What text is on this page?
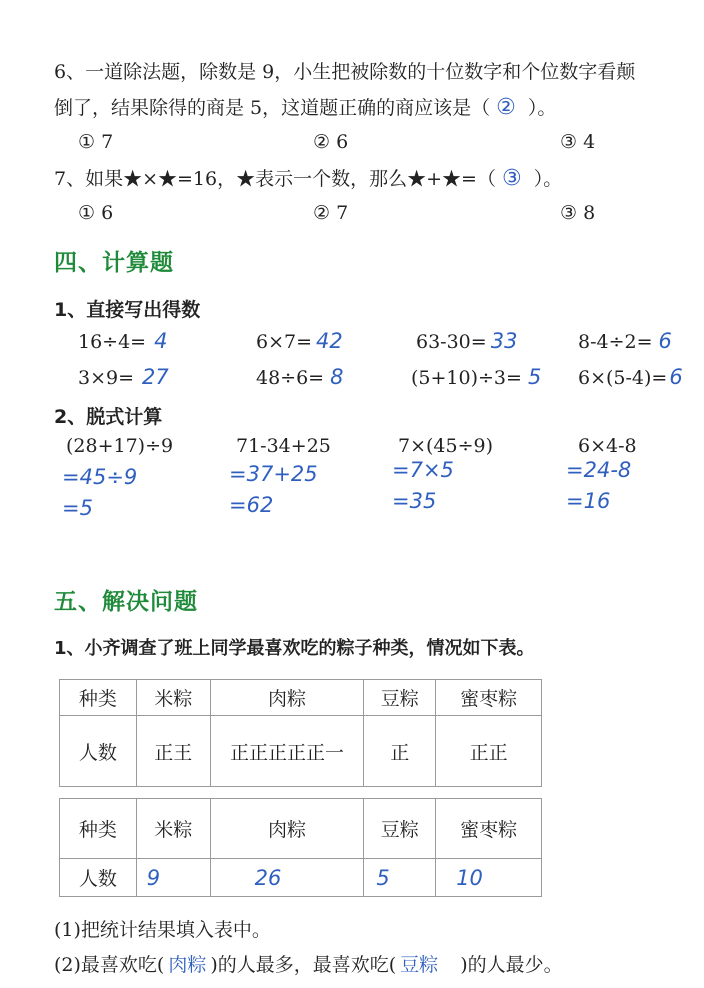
6、一道除法题，除数是 9，小生把被除数的十位数字和个位数字看颠
倒了，结果除得的商是 5，这道题正确的商应该是（ ② ）。
① 7	② 6	③ 4
7、如果★×★=16，★表示一个数，那么★+★=（ ③ ）。
① 6	② 7	③ 8
四、计算题
1、直接写出得数
16÷4= 4	6×7= 42	63-30= 33	8-4÷2= 6
3×9= 27	48÷6= 8	(5+10)÷3= 5 6×(5-4)=6
2、脱式计算
(28+17)÷9	71-34+25	7×(45÷9)	6×4-8
=45÷9	=37+25	=7×5	=24-8
=5	=62	=35	=16
五、解决问题
1、小齐调查了班上同学最喜欢吃的粽子种类，情况如下表。
种类	米粽	肉粽	豆粽	蜜枣粽
人数	正王	正正正正正一	正	正正
种类	米粽	肉粽	豆粽	蜜枣粽
人数	9	26	5	10
(1)把统计结果填入表中。
(2)最喜欢吃( 肉粽 )的人最多，最喜欢吃( 豆粽 )的人最少。
